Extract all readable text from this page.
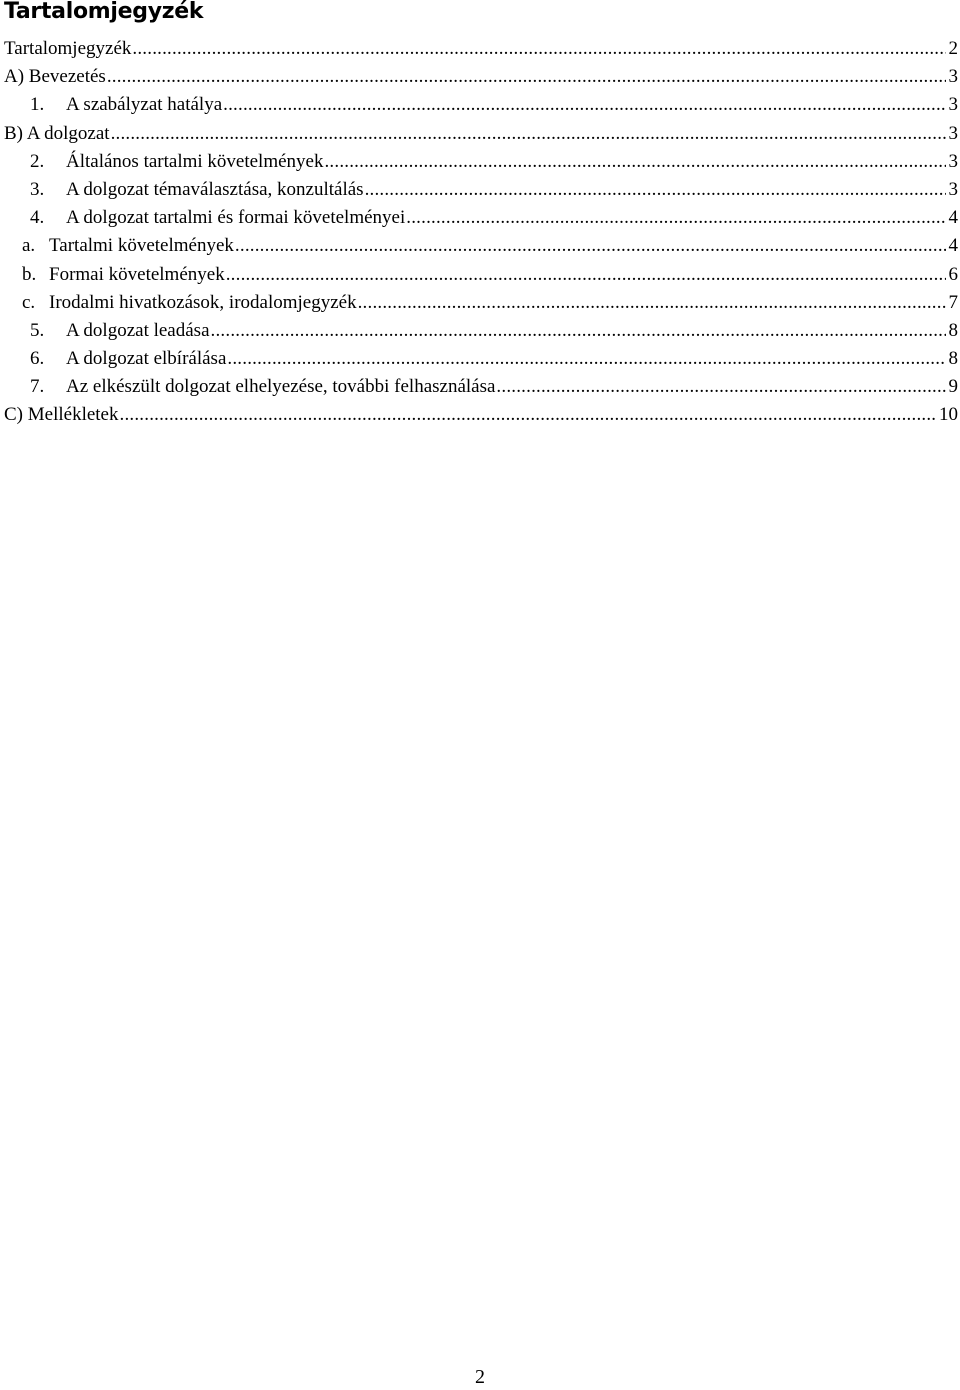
Tartalomjegyzék
Tartalomjegyzék .....	2
A) Bevezetés .....	3
1.	A szabályzat hatálya .....	3
B) A dolgozat .....	3
2.	Általános tartalmi követelmények .....	3
3.	A dolgozat témaválasztása, konzultálás .....	3
4.	A dolgozat tartalmi és formai követelményei .....	4
a. Tartalmi követelmények .....	4
b. Formai követelmények .....	6
c. Irodalmi hivatkozások, irodalomjegyzék .....	7
5.	A dolgozat leadása .....	8
6.	A dolgozat elbírálása .....	8
7.	Az elkészült dolgozat elhelyezése, további felhasználása .....	9
C) Mellékletek .....	10

2
